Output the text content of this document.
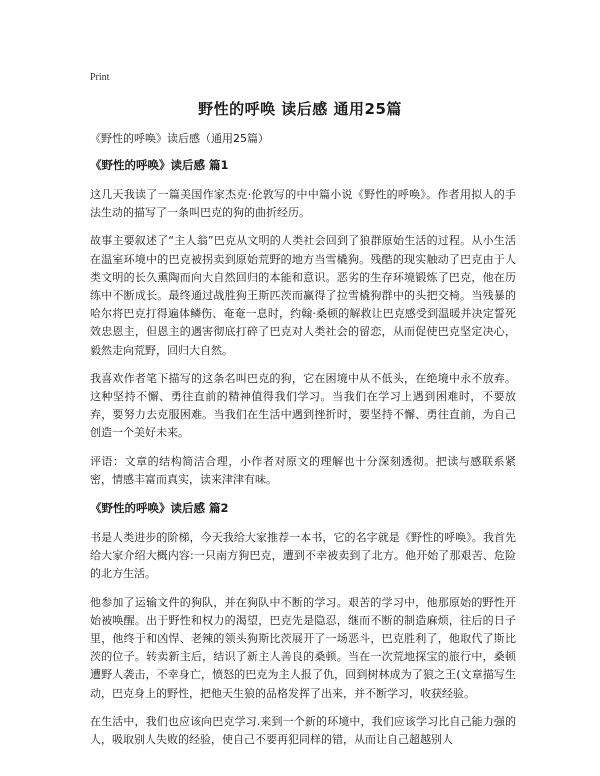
Print
野性的呼唤 读后感 通用25篇

《野性的呼唤》读后感（通用25篇）

《野性的呼唤》读后感 篇1

这几天我读了一篇美国作家杰克·伦敦写的中中篇小说《野性的呼唤》。作者用拟人的手法生动的描写了一条叫巴克的狗的曲折经历。

故事主要叙述了“主人翁”巴克从文明的人类社会回到了狼群原始生活的过程。从小生活在温室环境中的巴克被拐卖到原始荒野的地方当雪橇狗。残酷的现实触动了巴克由于人类文明的长久熏陶而向大自然回归的本能和意识。恶劣的生存环境锻炼了巴克，他在历练中不断成长。最终通过战胜狗王斯匹茨而赢得了拉雪橇狗群中的头把交椅。当残暴的哈尔将巴克打得遍体鳞伤、奄奄一息时，约翰·桑顿的解救让巴克感受到温暖并决定誓死效忠恩主，但恩主的遇害彻底打碎了巴克对人类社会的留恋，从而促使巴克坚定决心，毅然走向荒野，回归大自然。

我喜欢作者笔下描写的这条名叫巴克的狗，它在困境中从不低头，在绝境中永不放弃。这种坚持不懈、勇往直前的精神值得我们学习。当我们在学习上遇到困难时，不要放弃，要努力去克服困难。当我们在生活中遇到挫折时，要坚持不懈、勇往直前，为自己创造一个美好未来。

评语：文章的结构简洁合理，小作者对原文的理解也十分深刻透彻。把读与感联系紧密，情感丰富而真实，读来津津有味。

《野性的呼唤》读后感 篇2

书是人类进步的阶梯，今天我给大家推荐一本书，它的名字就是《野性的呼唤》。我首先给大家介绍大概内容:一只南方狗巴克，遭到不幸被卖到了北方。他开始了那艰苦、危险的北方生活。

他参加了运输文件的狗队，并在狗队中不断的学习。艰苦的学习中，他那原始的野性开始被唤醒。出于野性和权力的渴望，巴克先是隐忍，继而不断的制造麻烦，往后的日子里，他终于和凶悍、老辣的领头狗斯比茨展开了一场恶斗，巴克胜利了，他取代了斯比茨的位子。转卖新主后，结识了新主人善良的桑顿。当在一次荒地探宝的旅行中，桑顿遭野人袭击，不幸身亡，愤怒的巴克为主人报了仇，回到树林成为了狼之王(文章描写生动，巴克身上的野性，把他天生狼的品格发挥了出来，并不断学习，收获经验。

在生活中，我们也应该向巴克学习.来到一个新的环境中，我们应该学习比自己能力强的人，吸取别人失败的经验，使自己不要再犯同样的错，从而让自己超越别人
